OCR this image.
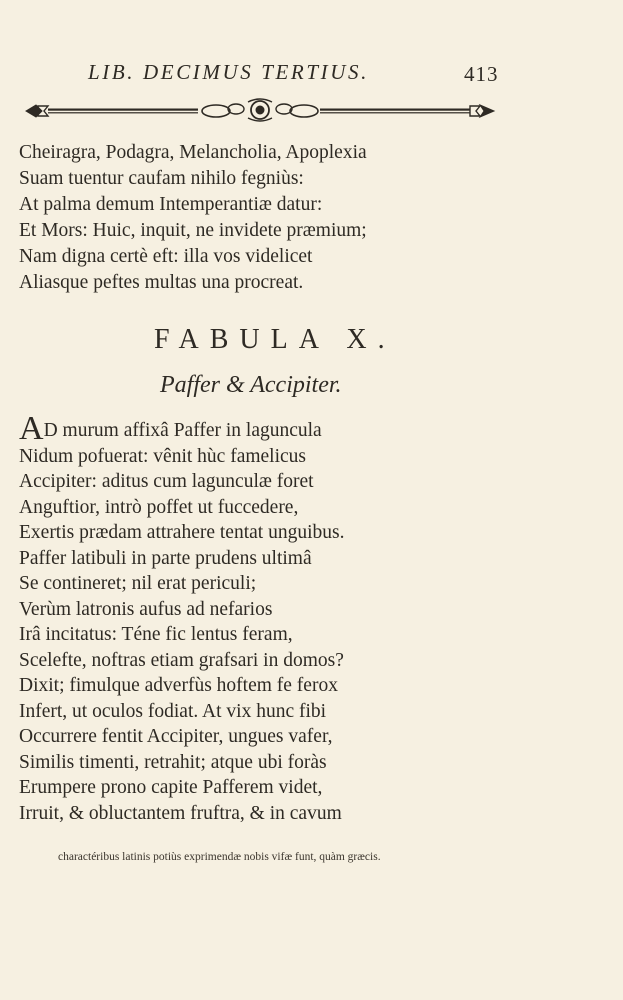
LIB. DECIMUS TERTIUS.	413
Cheiragra, Podagra, Melancholia, Apoplexia
Suam tuentur caufam nihilo fegniùs:
At palma demum Intemperantiæ datur:
Et Mors: Huic, inquit, ne invidete præmium;
Nam digna certè eft: illa vos videlicet
Aliasque peftes multas una procreat.
FABULA X.
Paffer & Accipiter.
AD murum affixâ Paffer in laguncula
Nidum pofuerat: vênit hùc famelicus
Accipiter: aditus cum lagunculæ foret
Anguftior, intrò poffet ut fuccedere,
Exertis prædam attrahere tentat unguibus.
Paffer latibuli in parte prudens ultimâ
Se contineret; nil erat periculi;
Verùm latronis aufus ad nefarios
Irâ incitatus: Téne fic lentus feram,
Scelefte, noftras etiam grafsari in domos?
Dixit; fimulque adverfùs hoftem fe ferox
Infert, ut oculos fodiat. At vix hunc fibi
Occurrere fentit Accipiter, ungues vafer,
Similis timenti, retrahit; atque ubi foràs
Erumpere prono capite Pafferem videt,
Irruit, & obluctantem fruftra, & in cavum
charactéribus latinis potiùs exprimendæ nobis vifæ funt, quàm græcis.
